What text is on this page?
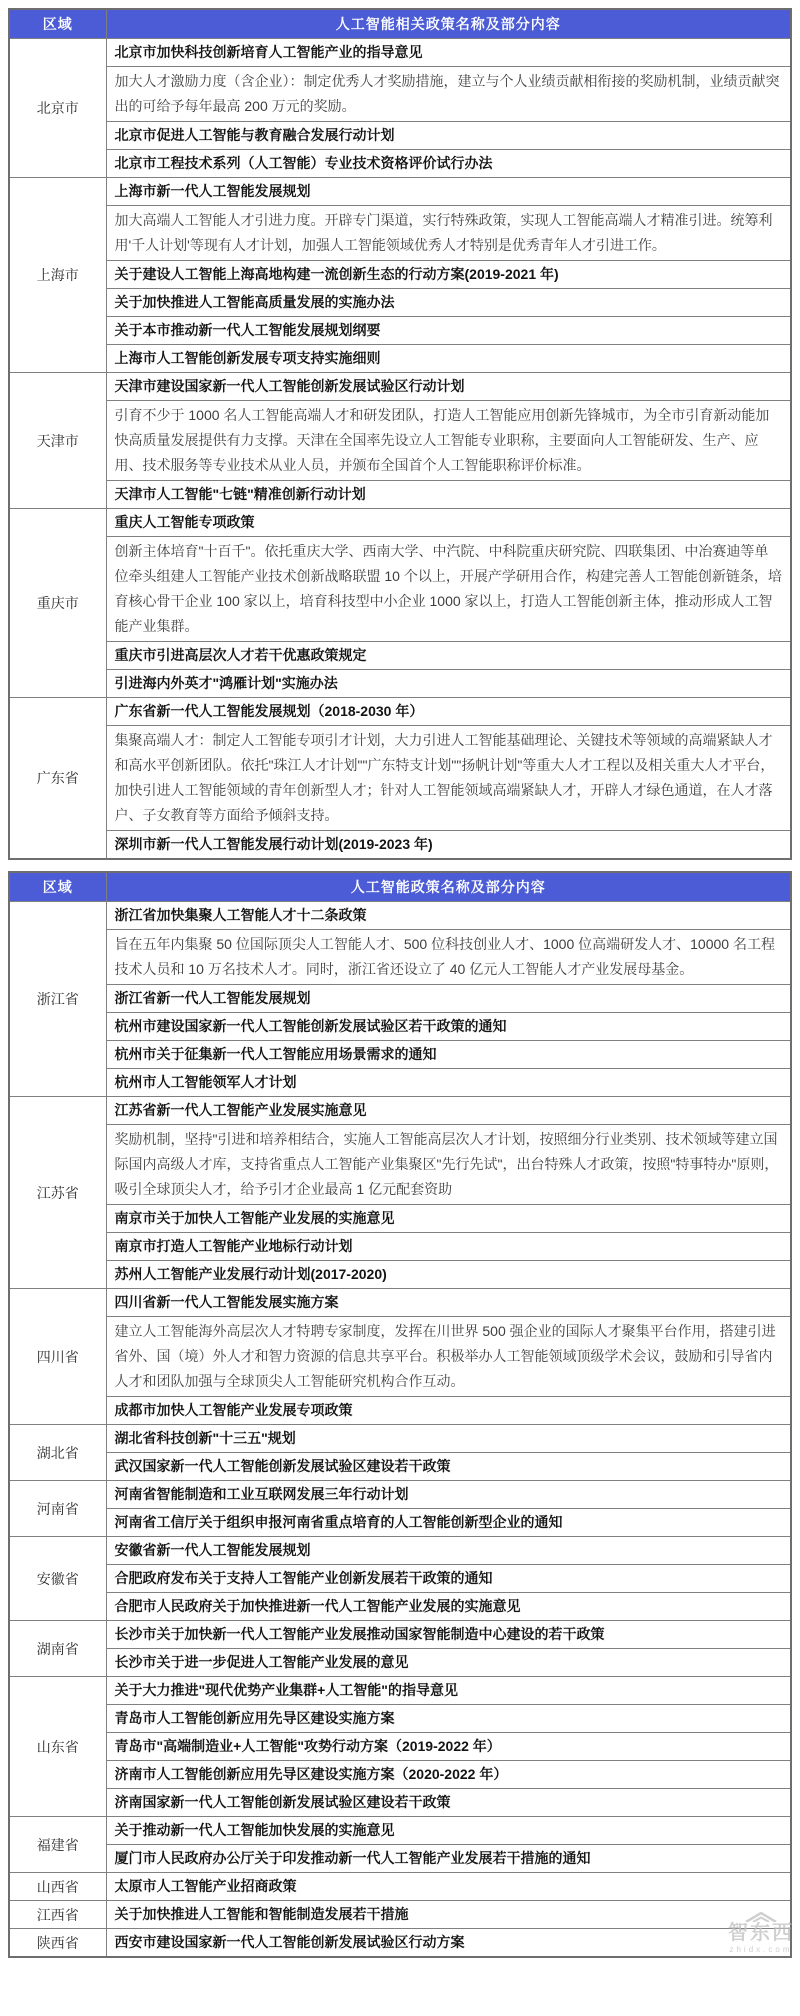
区域	人工智能相关政策名称及部分内容
北京市	北京市加快科技创新培育人工智能产业的指导意见
	加大人才激励力度（含企业）：制定优秀人才奖励措施，建立与个人业绩贡献相衔接的奖励机制，业绩贡献突出的可给予每年最高 200 万元的奖励。
	北京市促进人工智能与教育融合发展行动计划
	北京市工程技术系列（人工智能）专业技术资格评价试行办法
上海市	上海市新一代人工智能发展规划
	加大高端人工智能人才引进力度。开辟专门渠道，实行特殊政策，实现人工智能高端人才精准引进。统筹利用'千人计划'等现有人才计划，加强人工智能领域优秀人才特别是优秀青年人才引进工作。
	关于建设人工智能上海高地构建一流创新生态的行动方案(2019-2021 年)
	关于加快推进人工智能高质量发展的实施办法
	关于本市推动新一代人工智能发展规划纲要
	上海市人工智能创新发展专项支持实施细则
天津市	天津市建设国家新一代人工智能创新发展试验区行动计划
	引育不少于 1000 名人工智能高端人才和研发团队，打造人工智能应用创新先锋城市，为全市引育新动能加快高质量发展提供有力支撑。天津在全国率先设立人工智能专业职称，主要面向人工智能研发、生产、应用、技术服务等专业技术从业人员，并颁布全国首个人工智能职称评价标准。
	天津市人工智能"七链"精准创新行动计划
重庆市	重庆人工智能专项政策
	创新主体培育"十百千"。依托重庆大学、西南大学、中汽院、中科院重庆研究院、四联集团、中冶赛迪等单位牵头组建人工智能产业技术创新战略联盟 10 个以上，开展产学研用合作，构建完善人工智能创新链条，培育核心骨干企业 100 家以上，培育科技型中小企业 1000 家以上，打造人工智能创新主体，推动形成人工智能产业集群。
	重庆市引进高层次人才若干优惠政策规定
	引进海内外英才"鸿雁计划"实施办法
广东省	广东省新一代人工智能发展规划（2018-2030 年）
	集聚高端人才：制定人工智能专项引才计划，大力引进人工智能基础理论、关键技术等领域的高端紧缺人才和高水平创新团队。依托"珠江人才计划""广东特支计划""扬帆计划"等重大人才工程以及相关重大人才平台，加快引进人工智能领域的青年创新型人才；针对人工智能领域高端紧缺人才，开辟人才绿色通道，在人才落户、子女教育等方面给予倾斜支持。
	深圳市新一代人工智能发展行动计划(2019-2023 年)
区域	人工智能政策名称及部分内容
浙江省	浙江省加快集聚人工智能人才十二条政策
	旨在五年内集聚 50 位国际顶尖人工智能人才、500 位科技创业人才、1000 位高端研发人才、10000 名工程技术人员和 10 万名技术人才。同时，浙江省还设立了 40 亿元人工智能人才产业发展母基金。
	浙江省新一代人工智能发展规划
	杭州市建设国家新一代人工智能创新发展试验区若干政策的通知
	杭州市关于征集新一代人工智能应用场景需求的通知
	杭州市人工智能领军人才计划
江苏省	江苏省新一代人工智能产业发展实施意见
	奖励机制，坚持"引进和培养相结合，实施人工智能高层次人才计划，按照细分行业类别、技术领域等建立国际国内高级人才库，支持省重点人工智能产业集聚区"先行先试"，出台特殊人才政策，按照"特事特办"原则，吸引全球顶尖人才，给予引才企业最高 1 亿元配套资助
	南京市关于加快人工智能产业发展的实施意见
	南京市打造人工智能产业地标行动计划
	苏州人工智能产业发展行动计划(2017-2020)
四川省	四川省新一代人工智能发展实施方案
	建立人工智能海外高层次人才特聘专家制度，发挥在川世界 500 强企业的国际人才聚集平台作用，搭建引进省外、国（境）外人才和智力资源的信息共享平台。积极举办人工智能领域顶级学术会议，鼓励和引导省内人才和团队加强与全球顶尖人工智能研究机构合作互动。
	成都市加快人工智能产业发展专项政策
湖北省	湖北省科技创新"十三五"规划
	武汉国家新一代人工智能创新发展试验区建设若干政策
河南省	河南省智能制造和工业互联网发展三年行动计划
	河南省工信厅关于组织申报河南省重点培育的人工智能创新型企业的通知
安徽省	安徽省新一代人工智能发展规划
	合肥政府发布关于支持人工智能产业创新发展若干政策的通知
	合肥市人民政府关于加快推进新一代人工智能产业发展的实施意见
湖南省	长沙市关于加快新一代人工智能产业发展推动国家智能制造中心建设的若干政策
	长沙市关于进一步促进人工智能产业发展的意见
山东省	关于大力推进"现代优势产业集群+人工智能"的指导意见
	青岛市人工智能创新应用先导区建设实施方案
	青岛市"高端制造业+人工智能"攻势行动方案（2019-2022 年）
	济南市人工智能创新应用先导区建设实施方案（2020-2022 年）
	济南国家新一代人工智能创新发展试验区建设若干政策
福建省	关于推动新一代人工智能加快发展的实施意见
	厦门市人民政府办公厅关于印发推动新一代人工智能产业发展若干措施的通知
山西省	太原市人工智能产业招商政策
江西省	关于加快推进人工智能和智能制造发展若干措施
陕西省	西安市建设国家新一代人工智能创新发展试验区行动方案	智东西
zhidx.com
